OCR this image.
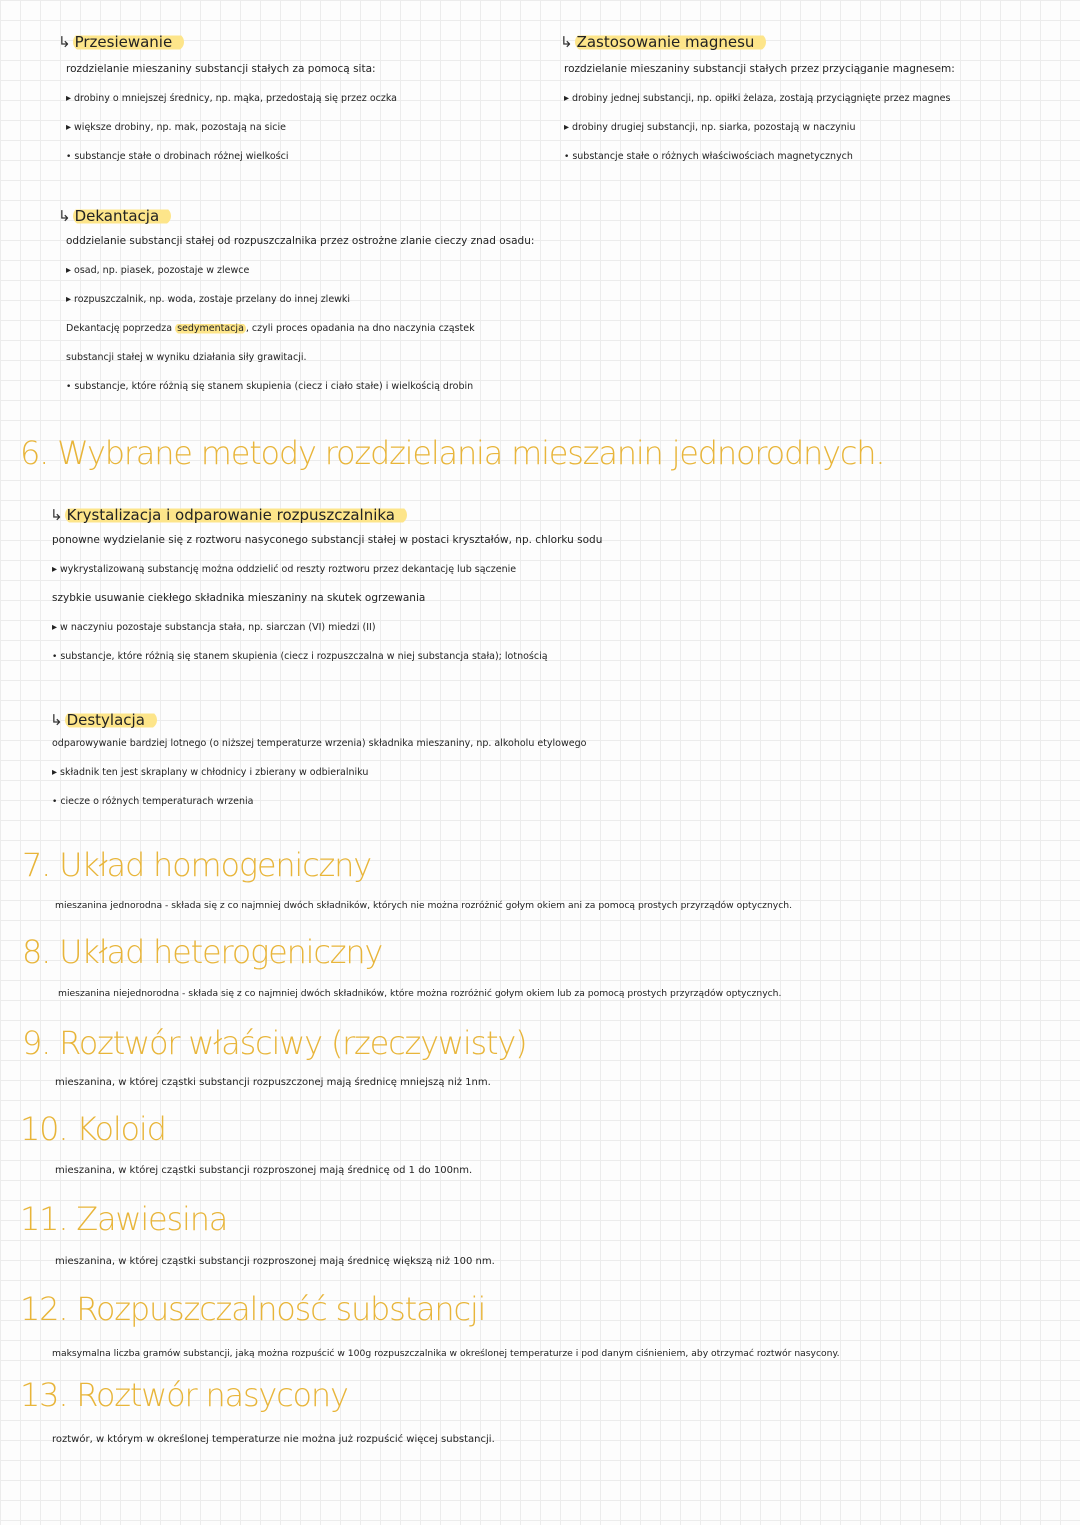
↳ Przesiewanie
rozdzielanie mieszaniny substancji stałych za pomocą sita:
▸ drobiny o mniejszej średnicy, np. mąka, przedostają się przez oczka
▸ większe drobiny, np. mak, pozostają na sicie
• substancje stałe o drobinach różnej wielkości
↳ Zastosowanie magnesu
rozdzielanie mieszaniny substancji stałych przez przyciąganie magnesem:
▸ drobiny jednej substancji, np. opiłki żelaza, zostają przyciągnięte przez magnes
▸ drobiny drugiej substancji, np. siarka, pozostają w naczyniu
• substancje stałe o różnych właściwościach magnetycznych
↳ Dekantacja
oddzielanie substancji stałej od rozpuszczalnika przez ostrożne zlanie cieczy znad osadu:
▸ osad, np. piasek, pozostaje w zlewce
▸ rozpuszczalnik, np. woda, zostaje przelany do innej zlewki
Dekantację poprzedza sedymentacja , czyli proces opadania na dno naczynia cząstek
substancji stałej w wyniku działania siły grawitacji.
• substancje, które różnią się stanem skupienia (ciecz i ciało stałe) i wielkością drobin
6. Wybrane metody rozdzielania mieszanin jednorodnych.
↳ Krystalizacja i odparowanie rozpuszczalnika
ponowne wydzielanie się z roztworu nasyconego substancji stałej w postaci kryształów, np. chlorku sodu
▸ wykrystalizowaną substancję można oddzielić od reszty roztworu przez dekantację lub sączenie
szybkie usuwanie ciekłego składnika mieszaniny na skutek ogrzewania
▸ w naczyniu pozostaje substancja stała, np. siarczan (VI) miedzi (II)
• substancje, które różnią się stanem skupienia (ciecz i rozpuszczalna w niej substancja stała); lotnością
↳ Destylacja
odparowywanie bardziej lotnego (o niższej temperaturze wrzenia) składnika mieszaniny, np. alkoholu etylowego
▸ składnik ten jest skraplany w chłodnicy i zbierany w odbieralniku
• ciecze o różnych temperaturach wrzenia
7. Układ homogeniczny
mieszanina jednorodna - składa się z co najmniej dwóch składników, których nie można rozróżnić gołym okiem ani za pomocą prostych przyrządów optycznych.
8. Układ heterogeniczny
mieszanina niejednorodna - składa się z co najmniej dwóch składników, które można rozróżnić gołym okiem lub za pomocą prostych przyrządów optycznych.
9. Roztwór właściwy (rzeczywisty)
mieszanina, w której cząstki substancji rozpuszczonej mają średnicę mniejszą niż 1nm.
10. Koloid
mieszanina, w której cząstki substancji rozproszonej mają średnicę od 1 do 100nm.
11. Zawiesina
mieszanina, w której cząstki substancji rozproszonej mają średnicę większą niż 100 nm.
12. Rozpuszczalność substancji
maksymalna liczba gramów substancji, jaką można rozpuścić w 100g rozpuszczalnika w określonej temperaturze i pod danym ciśnieniem, aby otrzymać roztwór nasycony.
13. Roztwór nasycony
roztwór, w którym w określonej temperaturze nie można już rozpuścić więcej substancji.
